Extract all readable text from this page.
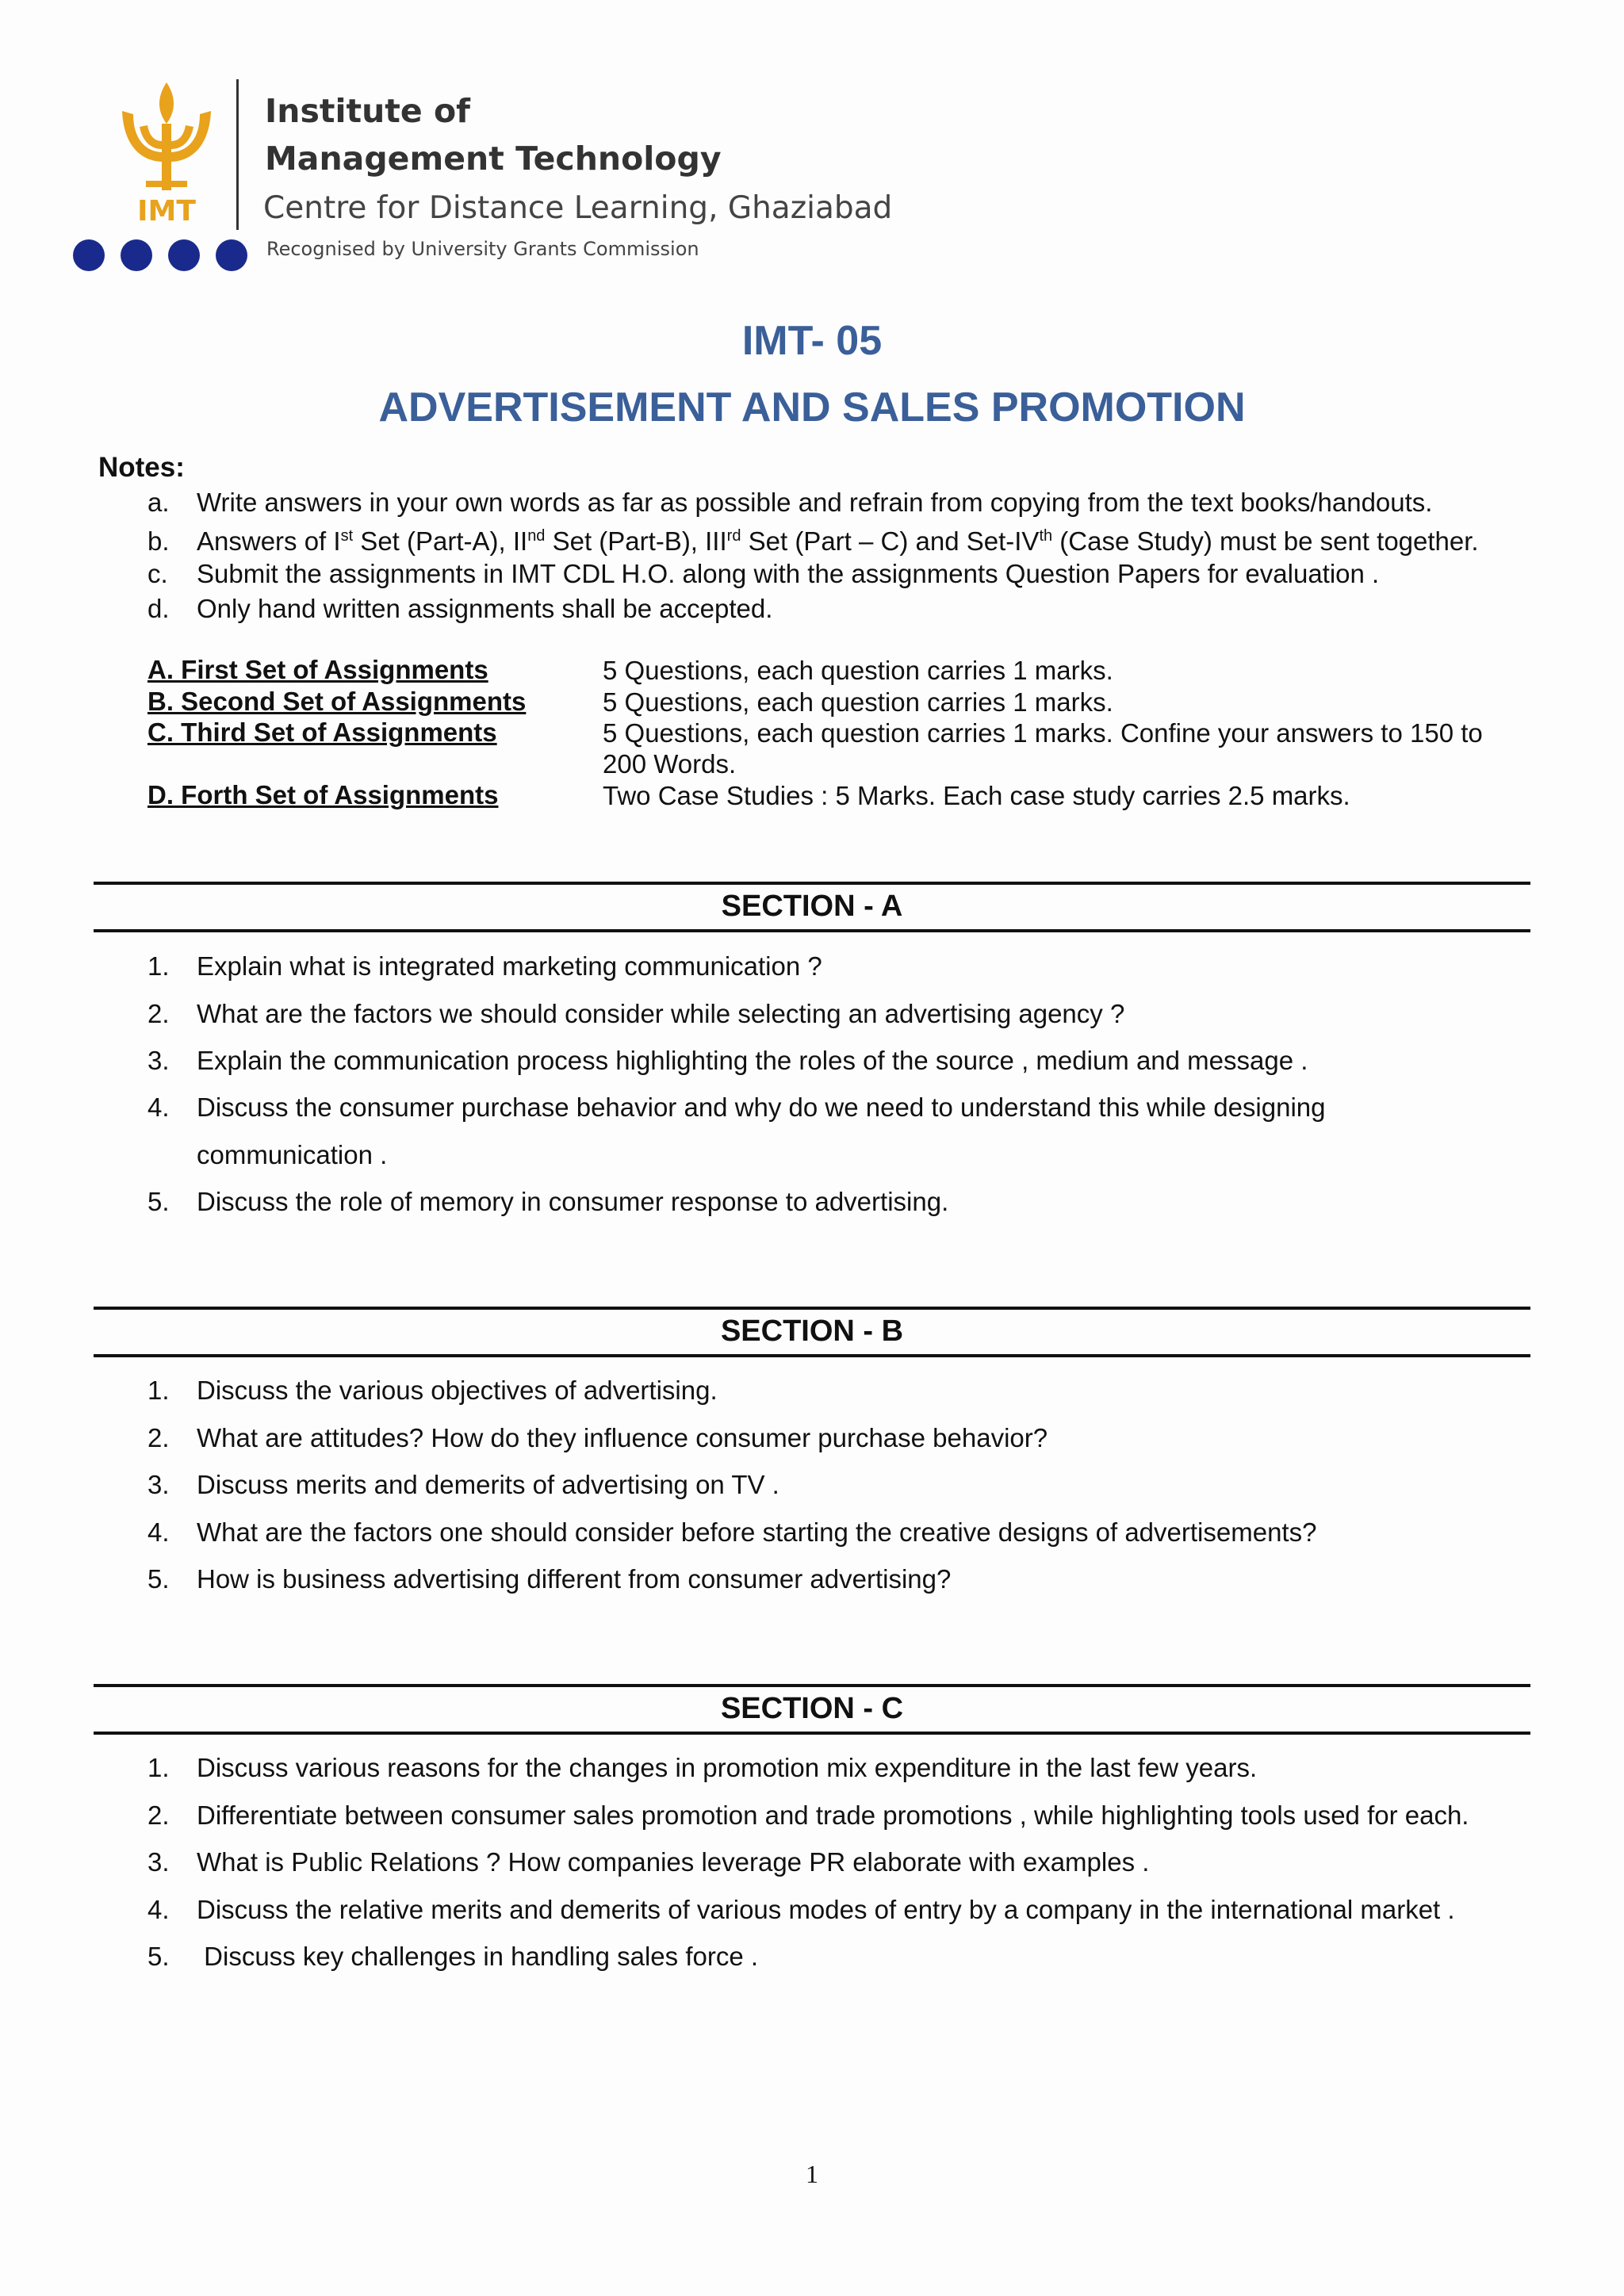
IMT
Institute of
Management Technology
Centre for Distance Learning, Ghaziabad
Recognised by University Grants Commission
IMT- 05
ADVERTISEMENT AND SALES PROMOTION
Notes:
a. Write answers in your own words as far as possible and refrain from copying from the text books/handouts.
b. Answers of Ist Set (Part-A), IInd Set (Part-B), IIIrd Set (Part – C) and Set-IVth (Case Study) must be sent together.
c. Submit the assignments in IMT CDL H.O. along with the assignments Question Papers for evaluation .
d. Only hand written assignments shall be accepted.
A. First Set of Assignments	5 Questions, each question carries 1 marks.
B. Second Set of Assignments	5 Questions, each question carries 1 marks.
C. Third Set of Assignments	5 Questions, each question carries 1 marks. Confine your answers to 150 to 200 Words.
D. Forth Set of Assignments	Two Case Studies : 5 Marks. Each case study carries 2.5 marks.
SECTION - A
1. Explain what is integrated marketing communication ?
2. What are the factors we should consider while selecting an advertising agency ?
3. Explain the communication process highlighting the roles of the source , medium and message .
4. Discuss the consumer purchase behavior and why do we need to understand this while designing
communication .
5. Discuss the role of memory in consumer response to advertising.
SECTION - B
1. Discuss the various objectives of advertising.
2. What are attitudes? How do they influence consumer purchase behavior?
3. Discuss merits and demerits of advertising on TV .
4. What are the factors one should consider before starting the creative designs of advertisements?
5. How is business advertising different from consumer advertising?
SECTION - C
1. Discuss various reasons for the changes in promotion mix expenditure in the last few years.
2. Differentiate between consumer sales promotion and trade promotions , while highlighting tools used for each.
3. What is Public Relations ? How companies leverage PR elaborate with examples .
4. Discuss the relative merits and demerits of various modes of entry by a company in the international market .
5. Discuss key challenges in handling sales force .
1
